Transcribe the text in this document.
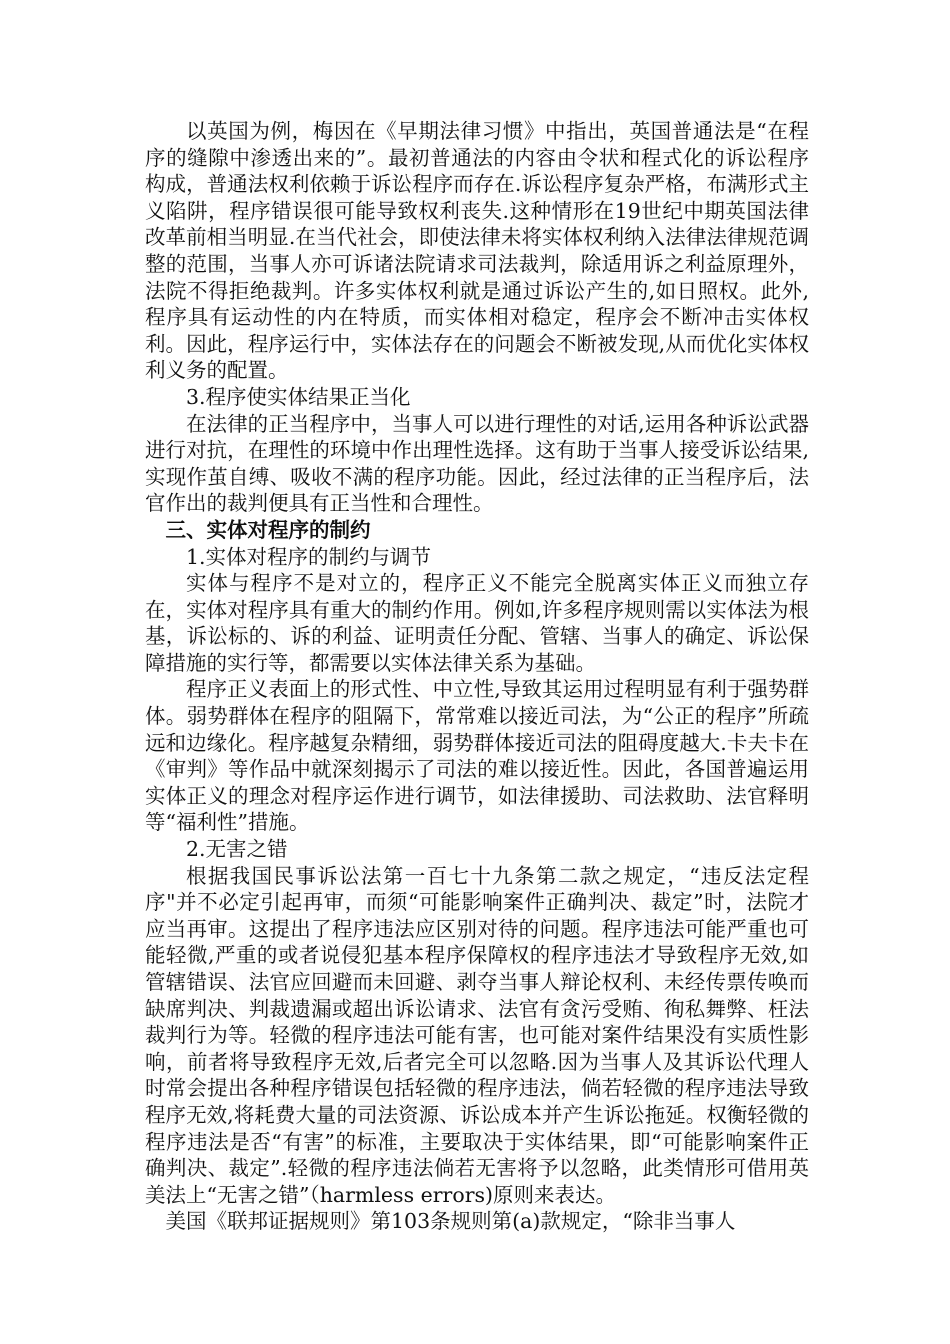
以英国为例，梅因在《早期法律习惯》中指出，英国普通法是“在程序的缝隙中渗透出来的”。最初普通法的内容由令状和程式化的诉讼程序构成，普通法权利依赖于诉讼程序而存在.诉讼程序复杂严格，布满形式主义陷阱，程序错误很可能导致权利丧失.这种情形在19世纪中期英国法律改革前相当明显.在当代社会，即使法律未将实体权利纳入法律法律规范调整的范围，当事人亦可诉诸法院请求司法裁判，除适用诉之利益原理外，法院不得拒绝裁判。许多实体权利就是通过诉讼产生的,如日照权。此外,程序具有运动性的内在特质，而实体相对稳定，程序会不断冲击实体权利。因此，程序运行中，实体法存在的问题会不断被发现,从而优化实体权利义务的配置。

3.程序使实体结果正当化

在法律的正当程序中，当事人可以进行理性的对话,运用各种诉讼武器进行对抗，在理性的环境中作出理性选择。这有助于当事人接受诉讼结果,实现作茧自缚、吸收不满的程序功能。因此，经过法律的正当程序后，法官作出的裁判便具有正当性和合理性。

三、实体对程序的制约

1.实体对程序的制约与调节

实体与程序不是对立的，程序正义不能完全脱离实体正义而独立存在，实体对程序具有重大的制约作用。例如,许多程序规则需以实体法为根基，诉讼标的、诉的利益、证明责任分配、管辖、当事人的确定、诉讼保障措施的实行等，都需要以实体法律关系为基础。

程序正义表面上的形式性、中立性,导致其运用过程明显有利于强势群体。弱势群体在程序的阻隔下，常常难以接近司法，为“公正的程序”所疏远和边缘化。程序越复杂精细，弱势群体接近司法的阻碍度越大.卡夫卡在《审判》等作品中就深刻揭示了司法的难以接近性。因此，各国普遍运用实体正义的理念对程序运作进行调节，如法律援助、司法救助、法官释明等“福利性”措施。

2.无害之错

根据我国民事诉讼法第一百七十九条第二款之规定，“违反法定程序"并不必定引起再审，而须“可能影响案件正确判决、裁定”时，法院才应当再审。这提出了程序违法应区别对待的问题。程序违法可能严重也可能轻微,严重的或者说侵犯基本程序保障权的程序违法才导致程序无效,如管辖错误、法官应回避而未回避、剥夺当事人辩论权利、未经传票传唤而缺席判决、判裁遗漏或超出诉讼请求、法官有贪污受贿、徇私舞弊、枉法裁判行为等。轻微的程序违法可能有害，也可能对案件结果没有实质性影响，前者将导致程序无效,后者完全可以忽略.因为当事人及其诉讼代理人时常会提出各种程序错误包括轻微的程序违法，倘若轻微的程序违法导致程序无效,将耗费大量的司法资源、诉讼成本并产生诉讼拖延。权衡轻微的程序违法是否“有害”的标准，主要取决于实体结果，即“可能影响案件正确判决、裁定”.轻微的程序违法倘若无害将予以忽略，此类情形可借用英美法上“无害之错”（harmless errors)原则来表达。

美国《联邦证据规则》第103条规则第(a)款规定，“除非当事人
